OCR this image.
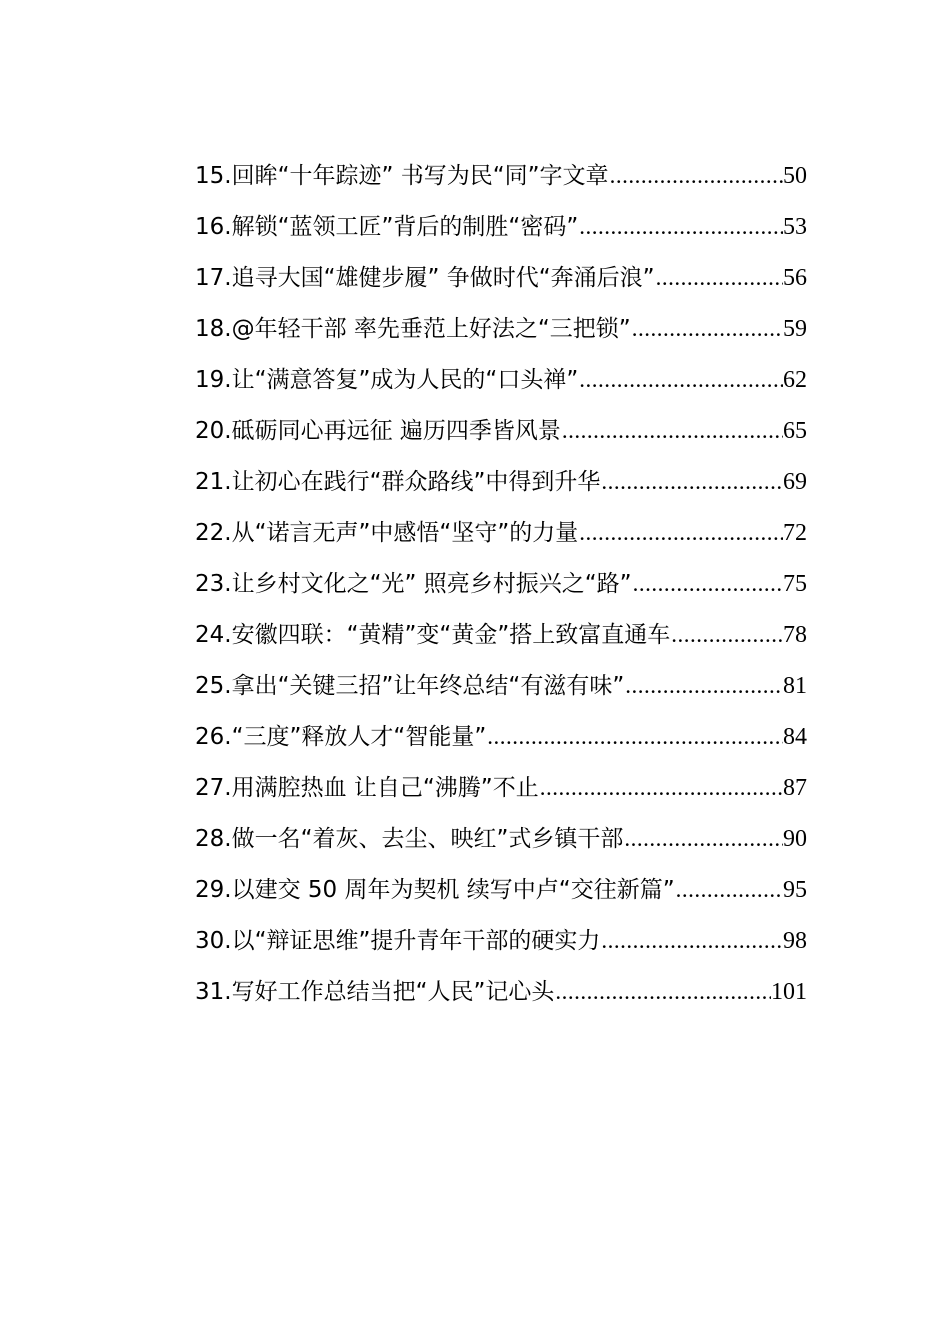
15.回眸“十年踪迹” 书写为民“同”字文章 .....	50
16.解锁“蓝领工匠”背后的制胜“密码” .....	53
17.追寻大国“雄健步履” 争做时代“奔涌后浪” .....	56
18.@年轻干部 率先垂范上好法之“三把锁” .....	59
19.让“满意答复”成为人民的“口头禅” .....	62
20.砥砺同心再远征 遍历四季皆风景 .....	65
21.让初心在践行“群众路线”中得到升华 .....	69
22.从“诺言无声”中感悟“坚守”的力量 .....	72
23.让乡村文化之“光” 照亮乡村振兴之“路” .....	75
24.安徽四联：“黄精”变“黄金”搭上致富直通车 .....	78
25.拿出“关键三招”让年终总结“有滋有味” .....	81
26.“三度”释放人才“智能量” .....	84
27.用满腔热血 让自己“沸腾”不止 .....	87
28.做一名“着灰、去尘、映红”式乡镇干部 .....	90
29.以建交 50 周年为契机 续写中卢“交往新篇” .....	95
30.以“辩证思维”提升青年干部的硬实力 .....	98
31.写好工作总结当把“人民”记心头 .....	101
